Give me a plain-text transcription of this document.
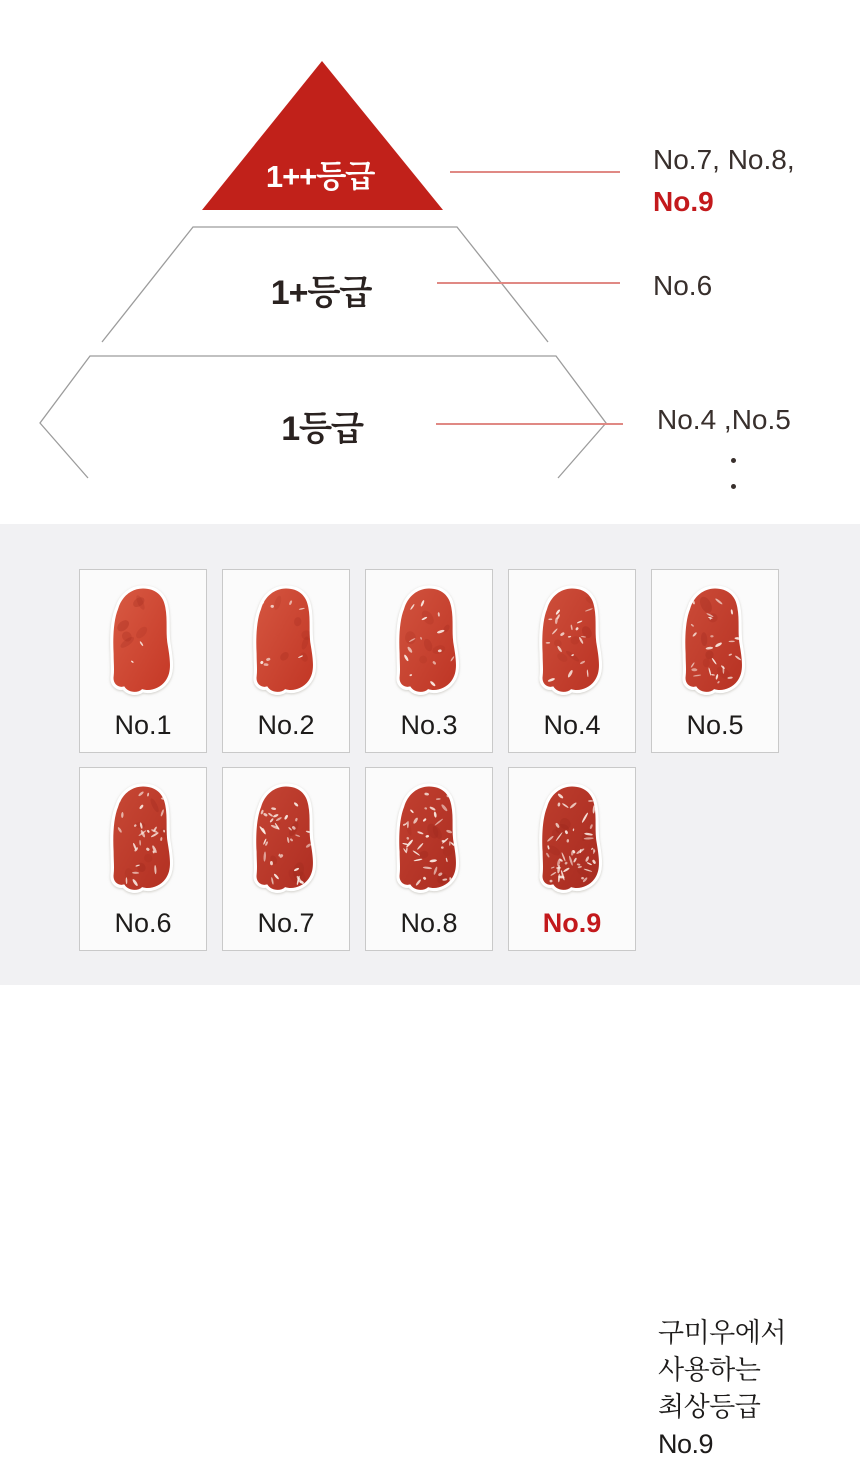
1++등급
1+등급
1등급
No.7, No.8,
No.9
No.6
No.4 ,No.5
No.1	No.2	No.3	No.4	No.5
No.6	No.7	No.8	No.9
구미우에서
사용하는
최상등급
No.9
